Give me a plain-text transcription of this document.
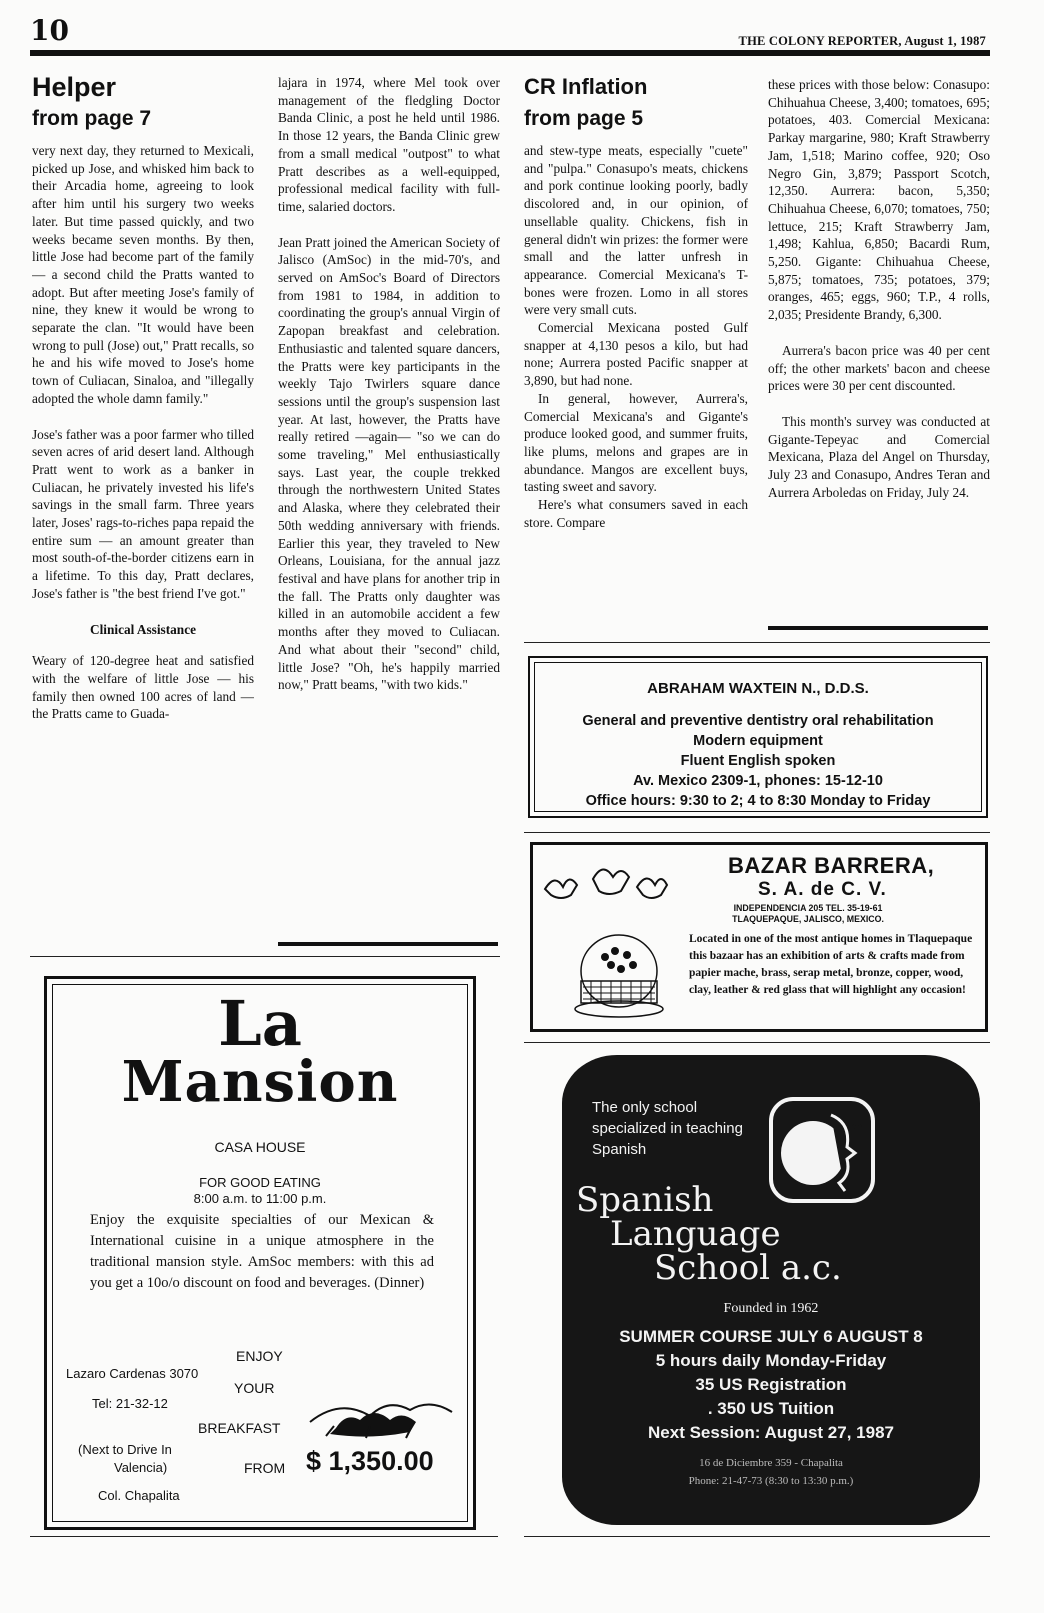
10	THE COLONY REPORTER, August 1, 1987
Helper
from page 7

very next day, they returned to Mexicali, picked up Jose, and whisked him back to their Arcadia home, agreeing to look after him until his surgery two weeks later. But time passed quickly, and two weeks became seven months. By then, little Jose had become part of the family — a second child the Pratts wanted to adopt. But after meeting Jose's family of nine, they knew it would be wrong to separate the clan. "It would have been wrong to pull (Jose) out," Pratt recalls, so he and his wife moved to Jose's home town of Culiacan, Sinaloa, and "illegally adopted the whole damn family."

Jose's father was a poor farmer who tilled seven acres of arid desert land. Although Pratt went to work as a banker in Culiacan, he privately invested his life's savings in the small farm. Three years later, Joses' rags-to-riches papa repaid the entire sum — an amount greater than most south-of-the-border citizens earn in a lifetime. To this day, Pratt declares, Jose's father is "the best friend I've got."

Clinical Assistance

Weary of 120-degree heat and satisfied with the welfare of little Jose — his family then owned 100 acres of land — the Pratts came to Guada-

lajara in 1974, where Mel took over management of the fledgling Doctor Banda Clinic, a post he held until 1986. In those 12 years, the Banda Clinic grew from a small medical "outpost" to what Pratt describes as a well-equipped, professional medical facility with full-time, salaried doctors.

Jean Pratt joined the American Society of Jalisco (AmSoc) in the mid-70's, and served on AmSoc's Board of Directors from 1981 to 1984, in addition to coordinating the group's annual Virgin of Zapopan breakfast and celebration. Enthusiastic and talented square dancers, the Pratts were key participants in the weekly Tajo Twirlers square dance sessions until the group's suspension last year. At last, however, the Pratts have really retired —again— "so we can do some traveling," Mel enthusiastically says. Last year, the couple trekked through the northwestern United States and Alaska, where they celebrated their 50th wedding anniversary with friends. Earlier this year, they traveled to New Orleans, Louisiana, for the annual jazz festival and have plans for another trip in the fall. The Pratts only daughter was killed in an automobile accident a few months after they moved to Culiacan. And what about their "second" child, little Jose? "Oh, he's happily married now," Pratt beams, "with two kids."

CR Inflation
from page 5

and stew-type meats, especially "cuete" and "pulpa." Conasupo's meats, chickens and pork continue looking poorly, badly discolored and, in our opinion, of unsellable quality. Chickens, fish in general didn't win prizes: the former were small and the latter unfresh in appearance. Comercial Mexicana's T-bones were frozen. Lomo in all stores were very small cuts.

Comercial Mexicana posted Gulf snapper at 4,130 pesos a kilo, but had none; Aurrera posted Pacific snapper at 3,890, but had none.

In general, however, Aurrera's, Comercial Mexicana's and Gigante's produce looked good, and summer fruits, like plums, melons and grapes are in abundance. Mangos are excellent buys, tasting sweet and savory.

Here's what consumers saved in each store. Compare

these prices with those below: Conasupo: Chihuahua Cheese, 3,400; tomatoes, 695; potatoes, 403. Comercial Mexicana: Parkay margarine, 980; Kraft Strawberry Jam, 1,518; Marino coffee, 920; Oso Negro Gin, 3,879; Passport Scotch, 12,350. Aurrera: bacon, 5,350; Chihuahua Cheese, 6,070; tomatoes, 750; lettuce, 215; Kraft Strawberry Jam, 1,498; Kahlua, 6,850; Bacardi Rum, 5,250. Gigante: Chihuahua Cheese, 5,875; tomatoes, 735; potatoes, 379; oranges, 465; eggs, 960; T.P., 4 rolls, 2,035; Presidente Brandy, 6,300.

Aurrera's bacon price was 40 per cent off; the other markets' bacon and cheese prices were 30 per cent discounted.

This month's survey was conducted at Gigante-Tepeyac and Comercial Mexicana, Plaza del Angel on Thursday, July 23 and Conasupo, Andres Teran and Aurrera Arboledas on Friday, July 24.

ABRAHAM WAXTEIN N., D.D.S.
General and preventive dentistry oral rehabilitation
Modern equipment
Fluent English spoken
Av. Mexico 2309-1, phones: 15-12-10
Office hours: 9:30 to 2; 4 to 8:30 Monday to Friday
BAZAR BARRERA,
S. A. de C. V.
INDEPENDENCIA 205 TEL. 35-19-61
TLAQUEPAQUE, JALISCO, MEXICO.
Located in one of the most antique homes in Tlaquepaque this bazaar has an exhibition of arts & crafts made from papier mache, brass, serap metal, bronze, copper, wood, clay, leather & red glass that will highlight any occasion!
La
Mansion
CASA HOUSE
FOR GOOD EATING
8:00 a.m. to 11:00 p.m.
Enjoy the exquisite specialties of our Mexican & International cuisine in a unique atmosphere in the traditional mansion style. AmSoc members: with this ad you get a 10o/o discount on food and beverages. (Dinner)
Lazaro Cardenas 3070
Tel: 21-32-12
ENJOY
YOUR
BREAKFAST
(Next to Drive In
Valencia)
Col. Chapalita
FROM $ 1,350.00
The only school specialized in teaching Spanish
Spanish
Language
School a.c.
Founded in 1962
SUMMER COURSE JULY 6 AUGUST 8
5 hours daily Monday-Friday
35 US Registration
. 350 US Tuition
Next Session: August 27, 1987
16 de Diciembre 359 - Chapalita
Phone: 21-47-73 (8:30 to 13:30 p.m.)
